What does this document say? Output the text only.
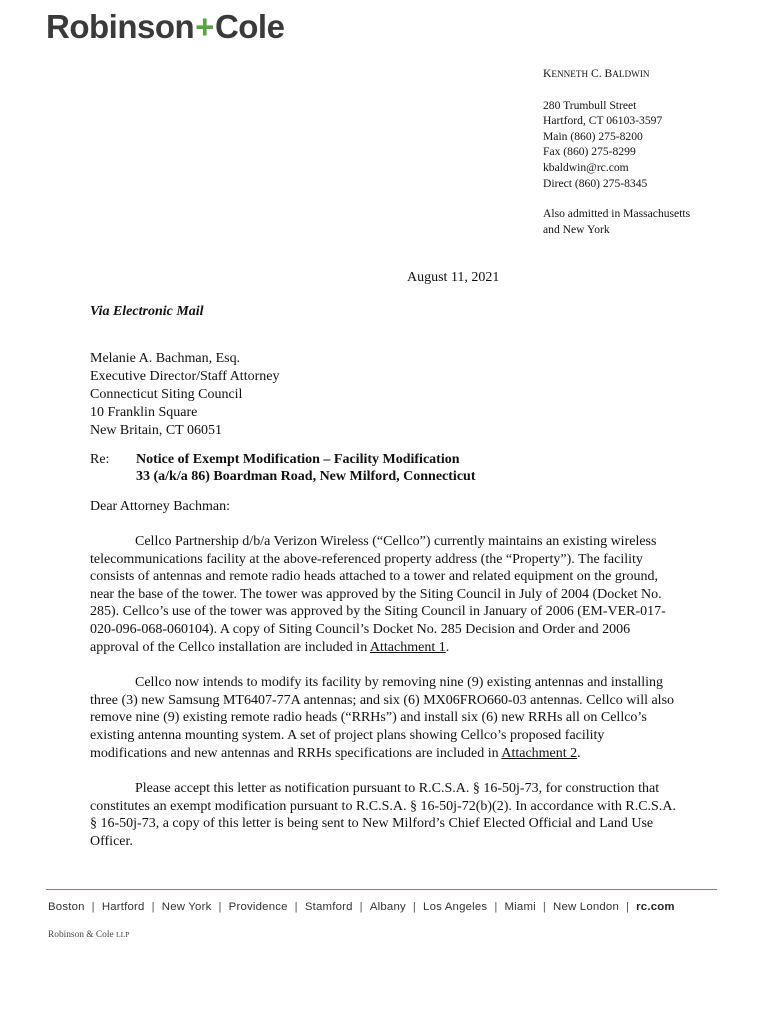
Robinson+Cole
KENNETH C. BALDWIN
280 Trumbull Street
Hartford, CT 06103-3597
Main (860) 275-8200
Fax (860) 275-8299
kbaldwin@rc.com
Direct (860) 275-8345
Also admitted in Massachusetts
and New York
August 11, 2021
Via Electronic Mail
Melanie A. Bachman, Esq.
Executive Director/Staff Attorney
Connecticut Siting Council
10 Franklin Square
New Britain, CT 06051
Re:	Notice of Exempt Modification – Facility Modification
33 (a/k/a 86) Boardman Road, New Milford, Connecticut
Dear Attorney Bachman:

Cellco Partnership d/b/a Verizon Wireless (“Cellco”) currently maintains an existing wireless telecommunications facility at the above-referenced property address (the “Property”). The facility consists of antennas and remote radio heads attached to a tower and related equipment on the ground, near the base of the tower. The tower was approved by the Siting Council in July of 2004 (Docket No. 285). Cellco’s use of the tower was approved by the Siting Council in January of 2006 (EM-VER-017-020-096-068-060104). A copy of Siting Council’s Docket No. 285 Decision and Order and 2006 approval of the Cellco installation are included in Attachment 1.

Cellco now intends to modify its facility by removing nine (9) existing antennas and installing three (3) new Samsung MT6407-77A antennas; and six (6) MX06FRO660-03 antennas. Cellco will also remove nine (9) existing remote radio heads (“RRHs”) and install six (6) new RRHs all on Cellco’s existing antenna mounting system. A set of project plans showing Cellco’s proposed facility modifications and new antennas and RRHs specifications are included in Attachment 2.

Please accept this letter as notification pursuant to R.C.S.A. § 16-50j-73, for construction that constitutes an exempt modification pursuant to R.C.S.A. § 16-50j-72(b)(2). In accordance with R.C.S.A. § 16-50j-73, a copy of this letter is being sent to New Milford’s Chief Elected Official and Land Use Officer.

Boston | Hartford | New York | Providence | Stamford | Albany | Los Angeles | Miami | New London | rc.com
Robinson & Cole LLP
